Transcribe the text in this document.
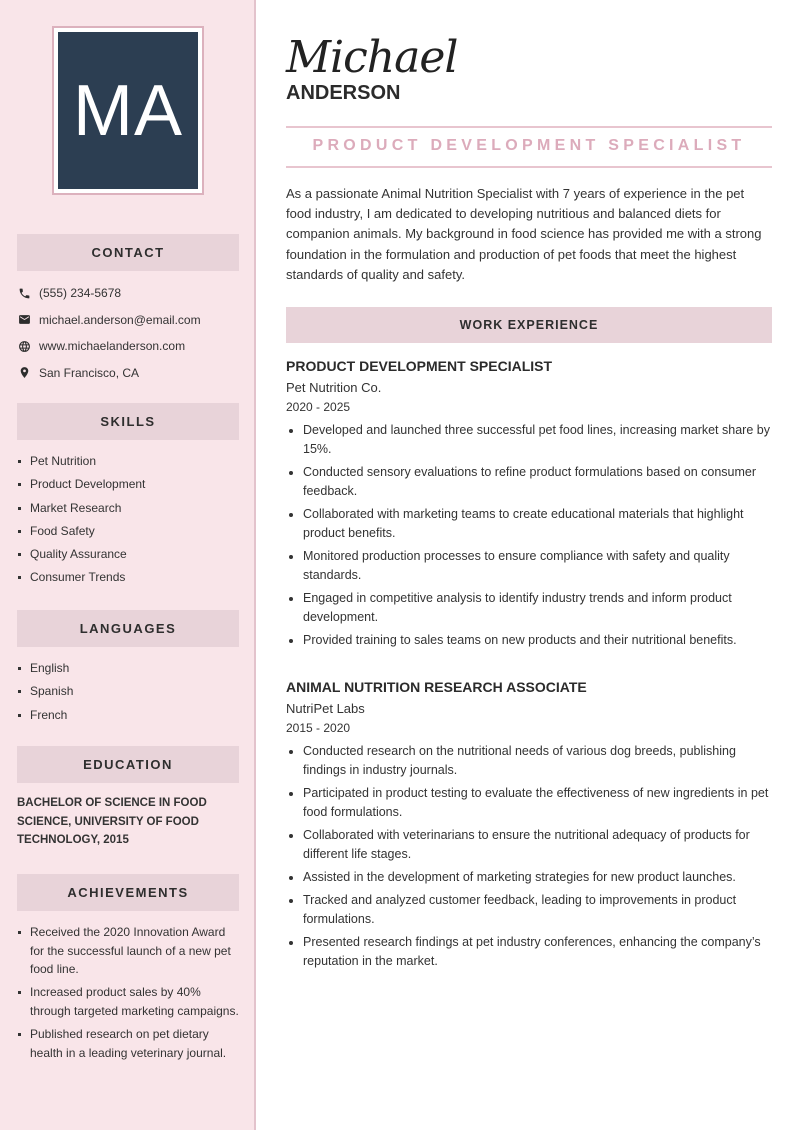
MA
CONTACT
(555) 234-5678
michael.anderson@email.com
www.michaelanderson.com
San Francisco, CA
SKILLS
Pet Nutrition
Product Development
Market Research
Food Safety
Quality Assurance
Consumer Trends
LANGUAGES
English
Spanish
French
EDUCATION
BACHELOR OF SCIENCE IN FOOD SCIENCE, UNIVERSITY OF FOOD TECHNOLOGY, 2015
ACHIEVEMENTS
Received the 2020 Innovation Award for the successful launch of a new pet food line.
Increased product sales by 40% through targeted marketing campaigns.
Published research on pet dietary health in a leading veterinary journal.
Michael
ANDERSON
PRODUCT DEVELOPMENT SPECIALIST

As a passionate Animal Nutrition Specialist with 7 years of experience in the pet food industry, I am dedicated to developing nutritious and balanced diets for companion animals. My background in food science has provided me with a strong foundation in the formulation and production of pet foods that meet the highest standards of quality and safety.

WORK EXPERIENCE
PRODUCT DEVELOPMENT SPECIALIST
Pet Nutrition Co.
2020 - 2025
Developed and launched three successful pet food lines, increasing market share by 15%.
Conducted sensory evaluations to refine product formulations based on consumer feedback.
Collaborated with marketing teams to create educational materials that highlight product benefits.
Monitored production processes to ensure compliance with safety and quality standards.
Engaged in competitive analysis to identify industry trends and inform product development.
Provided training to sales teams on new products and their nutritional benefits.
ANIMAL NUTRITION RESEARCH ASSOCIATE
NutriPet Labs
2015 - 2020
Conducted research on the nutritional needs of various dog breeds, publishing findings in industry journals.
Participated in product testing to evaluate the effectiveness of new ingredients in pet food formulations.
Collaborated with veterinarians to ensure the nutritional adequacy of products for different life stages.
Assisted in the development of marketing strategies for new product launches.
Tracked and analyzed customer feedback, leading to improvements in product formulations.
Presented research findings at pet industry conferences, enhancing the company’s reputation in the market.
